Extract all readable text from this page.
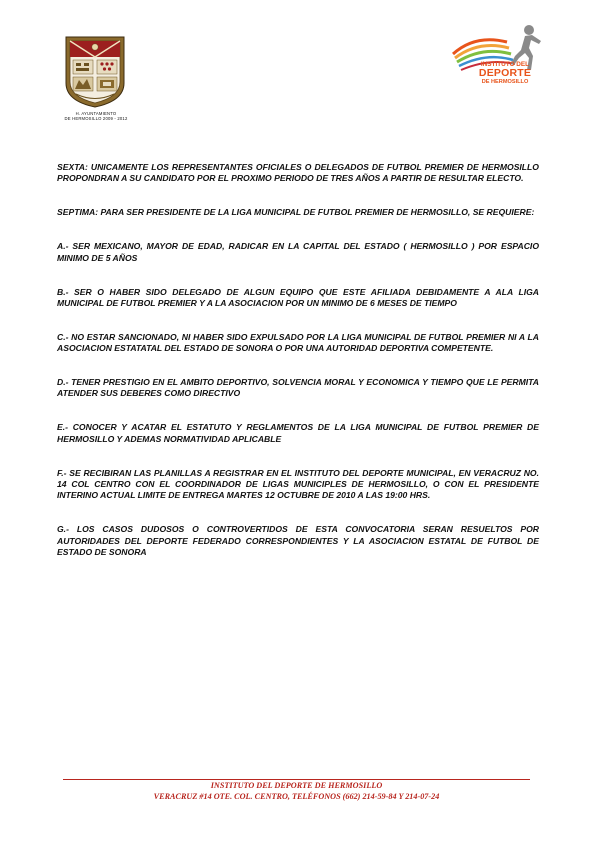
H. AYUNTAMIENTO
DE HERMOSILLO 2009 - 2012
INSTITUTO DEL
DEPORTE
DE HERMOSILLO

SEXTA: UNICAMENTE LOS REPRESENTANTES OFICIALES O DELEGADOS DE FUTBOL PREMIER DE HERMOSILLO PROPONDRAN A SU CANDIDATO POR EL PROXIMO PERIODO DE TRES AÑOS A PARTIR DE RESULTAR ELECTO.

SEPTIMA: PARA SER PRESIDENTE DE LA LIGA MUNICIPAL DE FUTBOL PREMIER DE HERMOSILLO, SE REQUIERE:

A.- SER MEXICANO, MAYOR DE EDAD, RADICAR EN LA CAPITAL DEL ESTADO ( HERMOSILLO ) POR ESPACIO MINIMO DE 5 AÑOS

B.- SER O HABER SIDO DELEGADO DE ALGUN EQUIPO QUE ESTE AFILIADA DEBIDAMENTE A ALA LIGA MUNICIPAL DE FUTBOL PREMIER Y A LA ASOCIACION POR UN MINIMO DE 6 MESES DE TIEMPO

C.- NO ESTAR SANCIONADO, NI HABER SIDO EXPULSADO POR LA LIGA MUNICIPAL DE FUTBOL PREMIER NI A LA ASOCIACION ESTATATAL DEL ESTADO DE SONORA O POR UNA AUTORIDAD DEPORTIVA COMPETENTE.

D.- TENER PRESTIGIO EN EL AMBITO DEPORTIVO, SOLVENCIA MORAL Y ECONOMICA Y TIEMPO QUE LE PERMITA ATENDER SUS DEBERES COMO DIRECTIVO

E.- CONOCER Y ACATAR EL ESTATUTO Y REGLAMENTOS DE LA LIGA MUNICIPAL DE FUTBOL PREMIER DE HERMOSILLO Y ADEMAS NORMATIVIDAD APLICABLE

F.- SE RECIBIRAN LAS PLANILLAS A REGISTRAR EN EL INSTITUTO DEL DEPORTE MUNICIPAL, EN VERACRUZ NO. 14 COL CENTRO CON EL COORDINADOR DE LIGAS MUNICIPLES DE HERMOSILLO, O CON EL PRESIDENTE INTERINO ACTUAL LIMITE DE ENTREGA MARTES 12 OCTUBRE DE 2010 A LAS 19:00 HRS.

G.- LOS CASOS DUDOSOS O CONTROVERTIDOS DE ESTA CONVOCATORIA SERAN RESUELTOS POR AUTORIDADES DEL DEPORTE FEDERADO CORRESPONDIENTES Y LA ASOCIACION ESTATAL DE FUTBOL DE ESTADO DE SONORA

INSTITUTO DEL DEPORTE DE HERMOSILLO
VERACRUZ #14 OTE. COL. CENTRO, TELÉFONOS (662) 214-59-84 Y 214-07-24
